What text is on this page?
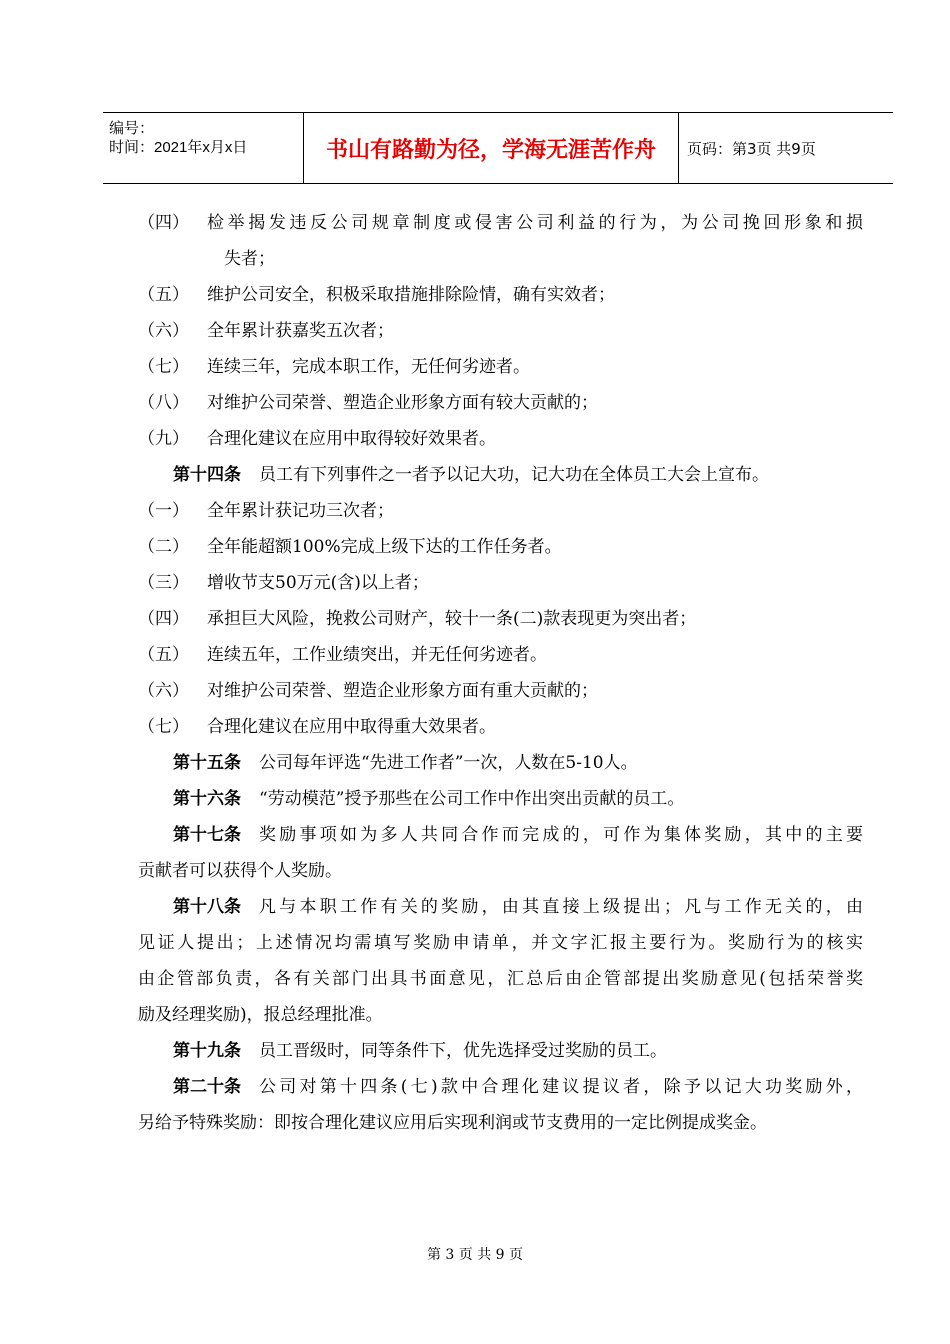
编号：
时间：2021年x月x日	书山有路勤为径，学海无涯苦作舟	页码：第3页 共9页
（四） 检举揭发违反公司规章制度或侵害公司利益的行为，为公司挽回形象和损
失者；
（五） 维护公司安全，积极采取措施排除险情，确有实效者；
（六） 全年累计获嘉奖五次者；
（七） 连续三年，完成本职工作，无任何劣迹者。
（八） 对维护公司荣誉、塑造企业形象方面有较大贡献的；
（九） 合理化建议在应用中取得较好效果者。
第十四条 员工有下列事件之一者予以记大功，记大功在全体员工大会上宣布。
（一） 全年累计获记功三次者；
（二） 全年能超额100%完成上级下达的工作任务者。
（三） 增收节支50万元(含)以上者；
（四） 承担巨大风险，挽救公司财产，较十一条(二)款表现更为突出者；
（五） 连续五年，工作业绩突出，并无任何劣迹者。
（六） 对维护公司荣誉、塑造企业形象方面有重大贡献的；
（七） 合理化建议在应用中取得重大效果者。
第十五条 公司每年评选“先进工作者”一次，人数在5-10人。
第十六条 “劳动模范”授予那些在公司工作中作出突出贡献的员工。
第十七条 奖励事项如为多人共同合作而完成的，可作为集体奖励，其中的主要
贡献者可以获得个人奖励。
第十八条 凡与本职工作有关的奖励，由其直接上级提出；凡与工作无关的，由
见证人提出；上述情况均需填写奖励申请单，并文字汇报主要行为。奖励行为的核实
由企管部负责，各有关部门出具书面意见，汇总后由企管部提出奖励意见(包括荣誉奖
励及经理奖励)，报总经理批准。
第十九条 员工晋级时，同等条件下，优先选择受过奖励的员工。
第二十条 公司对第十四条(七)款中合理化建议提议者，除予以记大功奖励外，
另给予特殊奖励：即按合理化建议应用后实现利润或节支费用的一定比例提成奖金。
第 3 页 共 9 页
